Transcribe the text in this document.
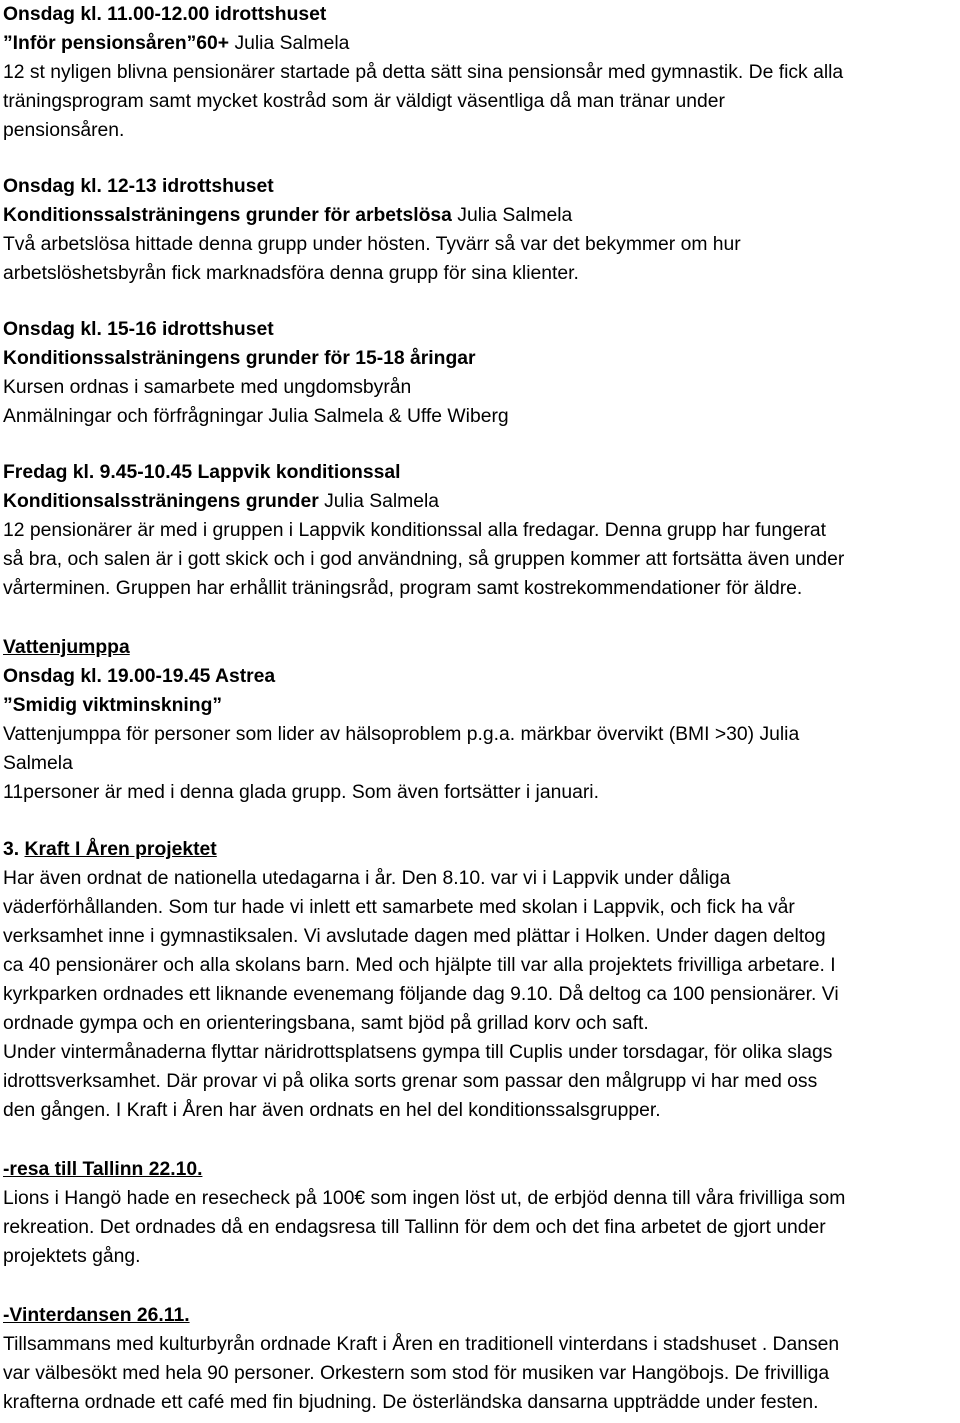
Onsdag kl. 11.00-12.00 idrottshuset
”Inför pensionsåren”60+ Julia Salmela
12 st nyligen blivna pensionärer startade på detta sätt sina pensionsår med gymnastik. De fick alla
träningsprogram samt mycket kostråd som är väldigt väsentliga då man tränar under
pensionsåren.
Onsdag kl. 12-13 idrottshuset
Konditionssalsträningens grunder för arbetslösa Julia Salmela
Två arbetslösa hittade denna grupp under hösten. Tyvärr så var det bekymmer om hur
arbetslöshetsbyrån fick marknadsföra denna grupp för sina klienter.
Onsdag kl. 15-16 idrottshuset
Konditionssalsträningens grunder för 15-18 åringar
Kursen ordnas i samarbete med ungdomsbyrån
Anmälningar och förfrågningar Julia Salmela & Uffe Wiberg
Fredag kl. 9.45-10.45 Lappvik konditionssal
Konditionsalssträningens grunder Julia Salmela
12 pensionärer är med i gruppen i Lappvik konditionssal alla fredagar. Denna grupp har fungerat
så bra, och salen är i gott skick och i god användning, så gruppen kommer att fortsätta även under
vårterminen. Gruppen har erhållit träningsråd, program samt kostrekommendationer för äldre.
Vattenjumppa
Onsdag kl. 19.00-19.45 Astrea
”Smidig viktminskning”
Vattenjumppa för personer som lider av hälsoproblem p.g.a. märkbar övervikt (BMI >30) Julia
Salmela
11personer är med i denna glada grupp. Som även fortsätter i januari.
3. Kraft I Åren projektet
Har även ordnat de nationella utedagarna i år. Den 8.10. var vi i Lappvik under dåliga
väderförhållanden. Som tur hade vi inlett ett samarbete med skolan i Lappvik, och fick ha vår
verksamhet inne i gymnastiksalen. Vi avslutade dagen med plättar i Holken. Under dagen deltog
ca 40 pensionärer och alla skolans barn. Med och hjälpte till var alla projektets frivilliga arbetare. I
kyrkparken ordnades ett liknande evenemang följande dag 9.10. Då deltog ca 100 pensionärer. Vi
ordnade gympa och en orienteringsbana, samt bjöd på grillad korv och saft.
Under vintermånaderna flyttar näridrottsplatsens gympa till Cuplis under torsdagar, för olika slags
idrottsverksamhet. Där provar vi på olika sorts grenar som passar den målgrupp vi har med oss
den gången. I Kraft i Åren har även ordnats en hel del konditionssalsgrupper.
-resa till Tallinn 22.10.
Lions i Hangö hade en resecheck på 100€ som ingen löst ut, de erbjöd denna till våra frivilliga som
rekreation. Det ordnades då en endagsresa till Tallinn för dem och det fina arbetet de gjort under
projektets gång.
-Vinterdansen 26.11.
Tillsammans med kulturbyrån ordnade Kraft i Åren en traditionell vinterdans i stadshuset . Dansen
var välbesökt med hela 90 personer. Orkestern som stod för musiken var Hangöbojs. De frivilliga
krafterna ordnade ett café med fin bjudning. De österländska dansarna uppträdde under festen.
